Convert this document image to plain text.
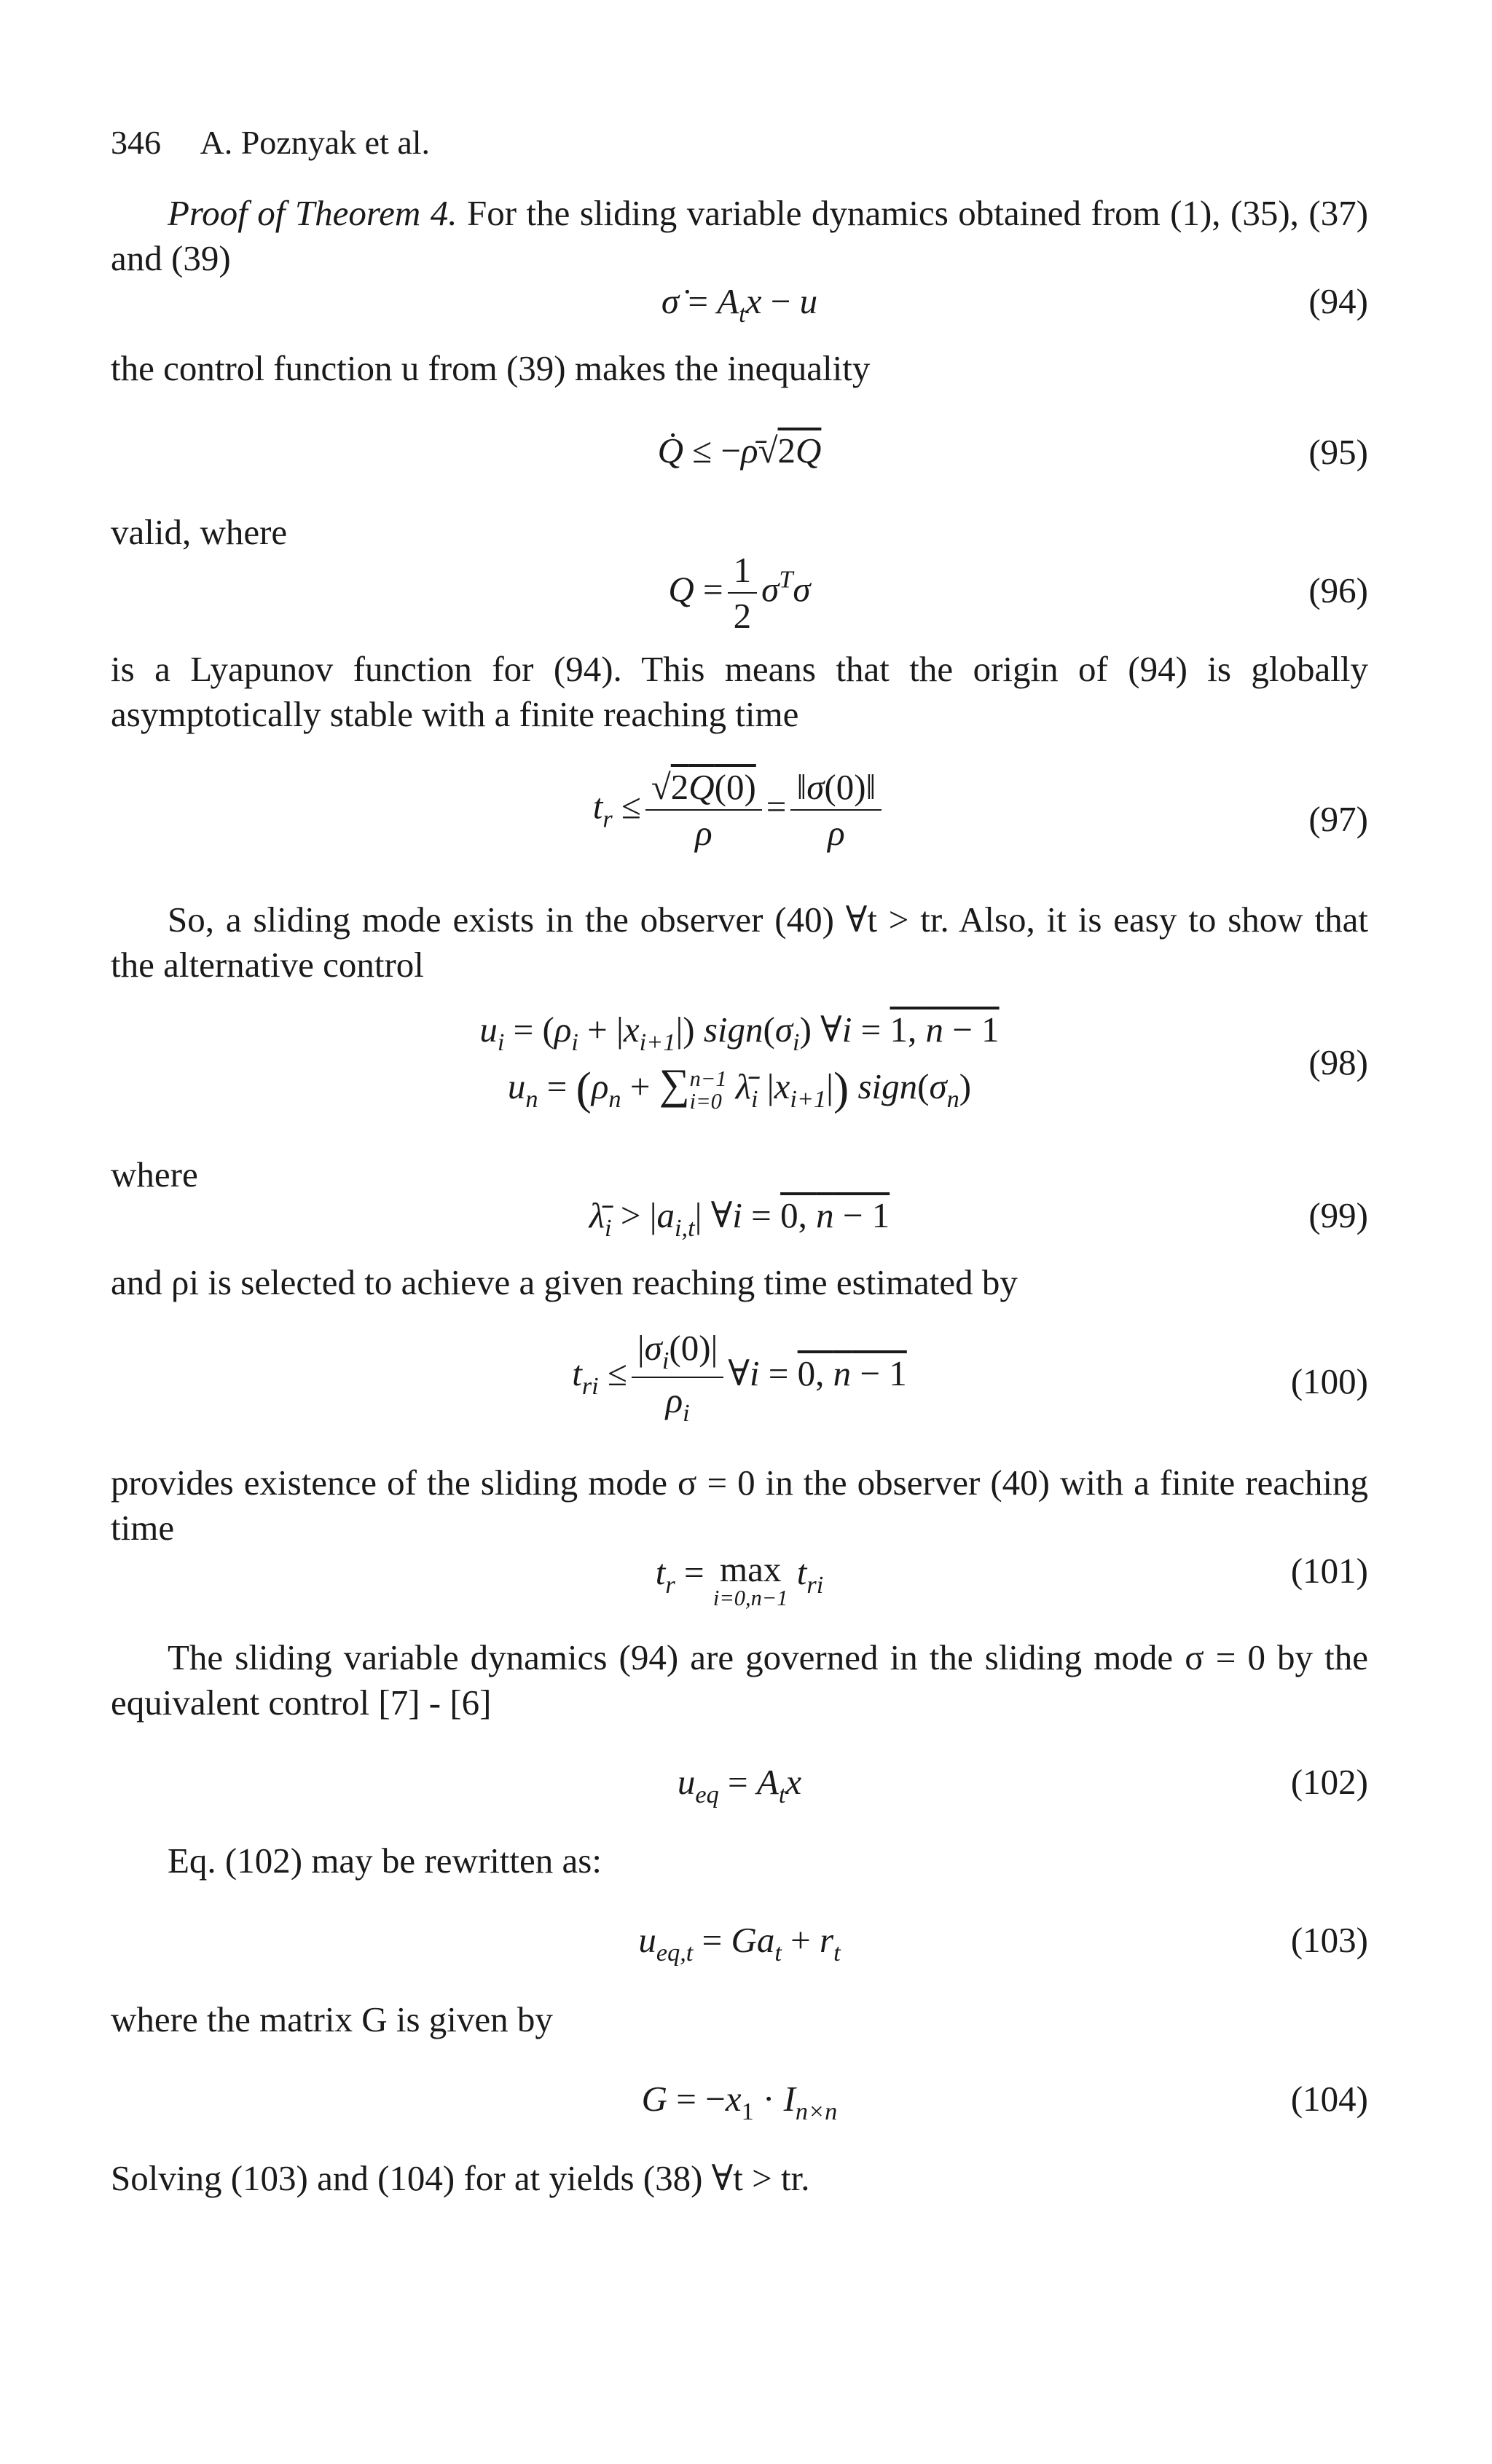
346 A. Poznyak et al.
Proof of Theorem 4. For the sliding variable dynamics obtained from (1), (35), (37) and (39)
σ̇ = $A_tx - u$	(94)
the control function u from (39) makes the inequality
Q̇ ≤ −ρ̄√2Q	(95)
valid, where
$Q = \frac{1}{2} \sigma^T\sigma$	(96)
is a Lyapunov function for (94). This means that the origin of (94) is globally asymptotically stable with a finite reaching time
$t_r \le \frac{√2Q(0)}{\rho} = \frac{‖\sigma(0)‖}{\rho}$	(97)
So, a sliding mode exists in the observer (40) ∀t > tr. Also, it is easy to show that the alternative control
$u_i = (\rho_i + |x_{i+1}|)$ $sign(\sigma_i)$ ∀i = 1, n − 1
$u_n = (\rho_n$ + ∑ n−1
i=0 $\lambdā_i$ $|x_{i+1}|$) $sign(\sigma_n)$
(98)
where
$\lambdā_i > |a_{i,t}|$ ∀i = 0, n − 1	(99)
and ρi is selected to achieve a given reaching time estimated by
$t_{ri} \le \frac{|\sigma_i(0)|}{\rho_i}$ ∀i = 0, n − 1	(100)
provides existence of the sliding mode σ = 0 in the observer (40) with a finite reaching time
$t_r = \max$
i=0,n−1
$t_{ri}$	(101)
The sliding variable dynamics (94) are governed in the sliding mode σ = 0 by the equivalent control [7] - [6]
$u_{eq} = A_tx$	(102)
Eq. (102) may be rewritten as:
$u_{eq,t} = Ga_t + r_t$	(103)
where the matrix G is given by
$G = -x_1 \cdot I_{n\times n}$	(104)
Solving (103) and (104) for at yields (38) ∀t > tr.
